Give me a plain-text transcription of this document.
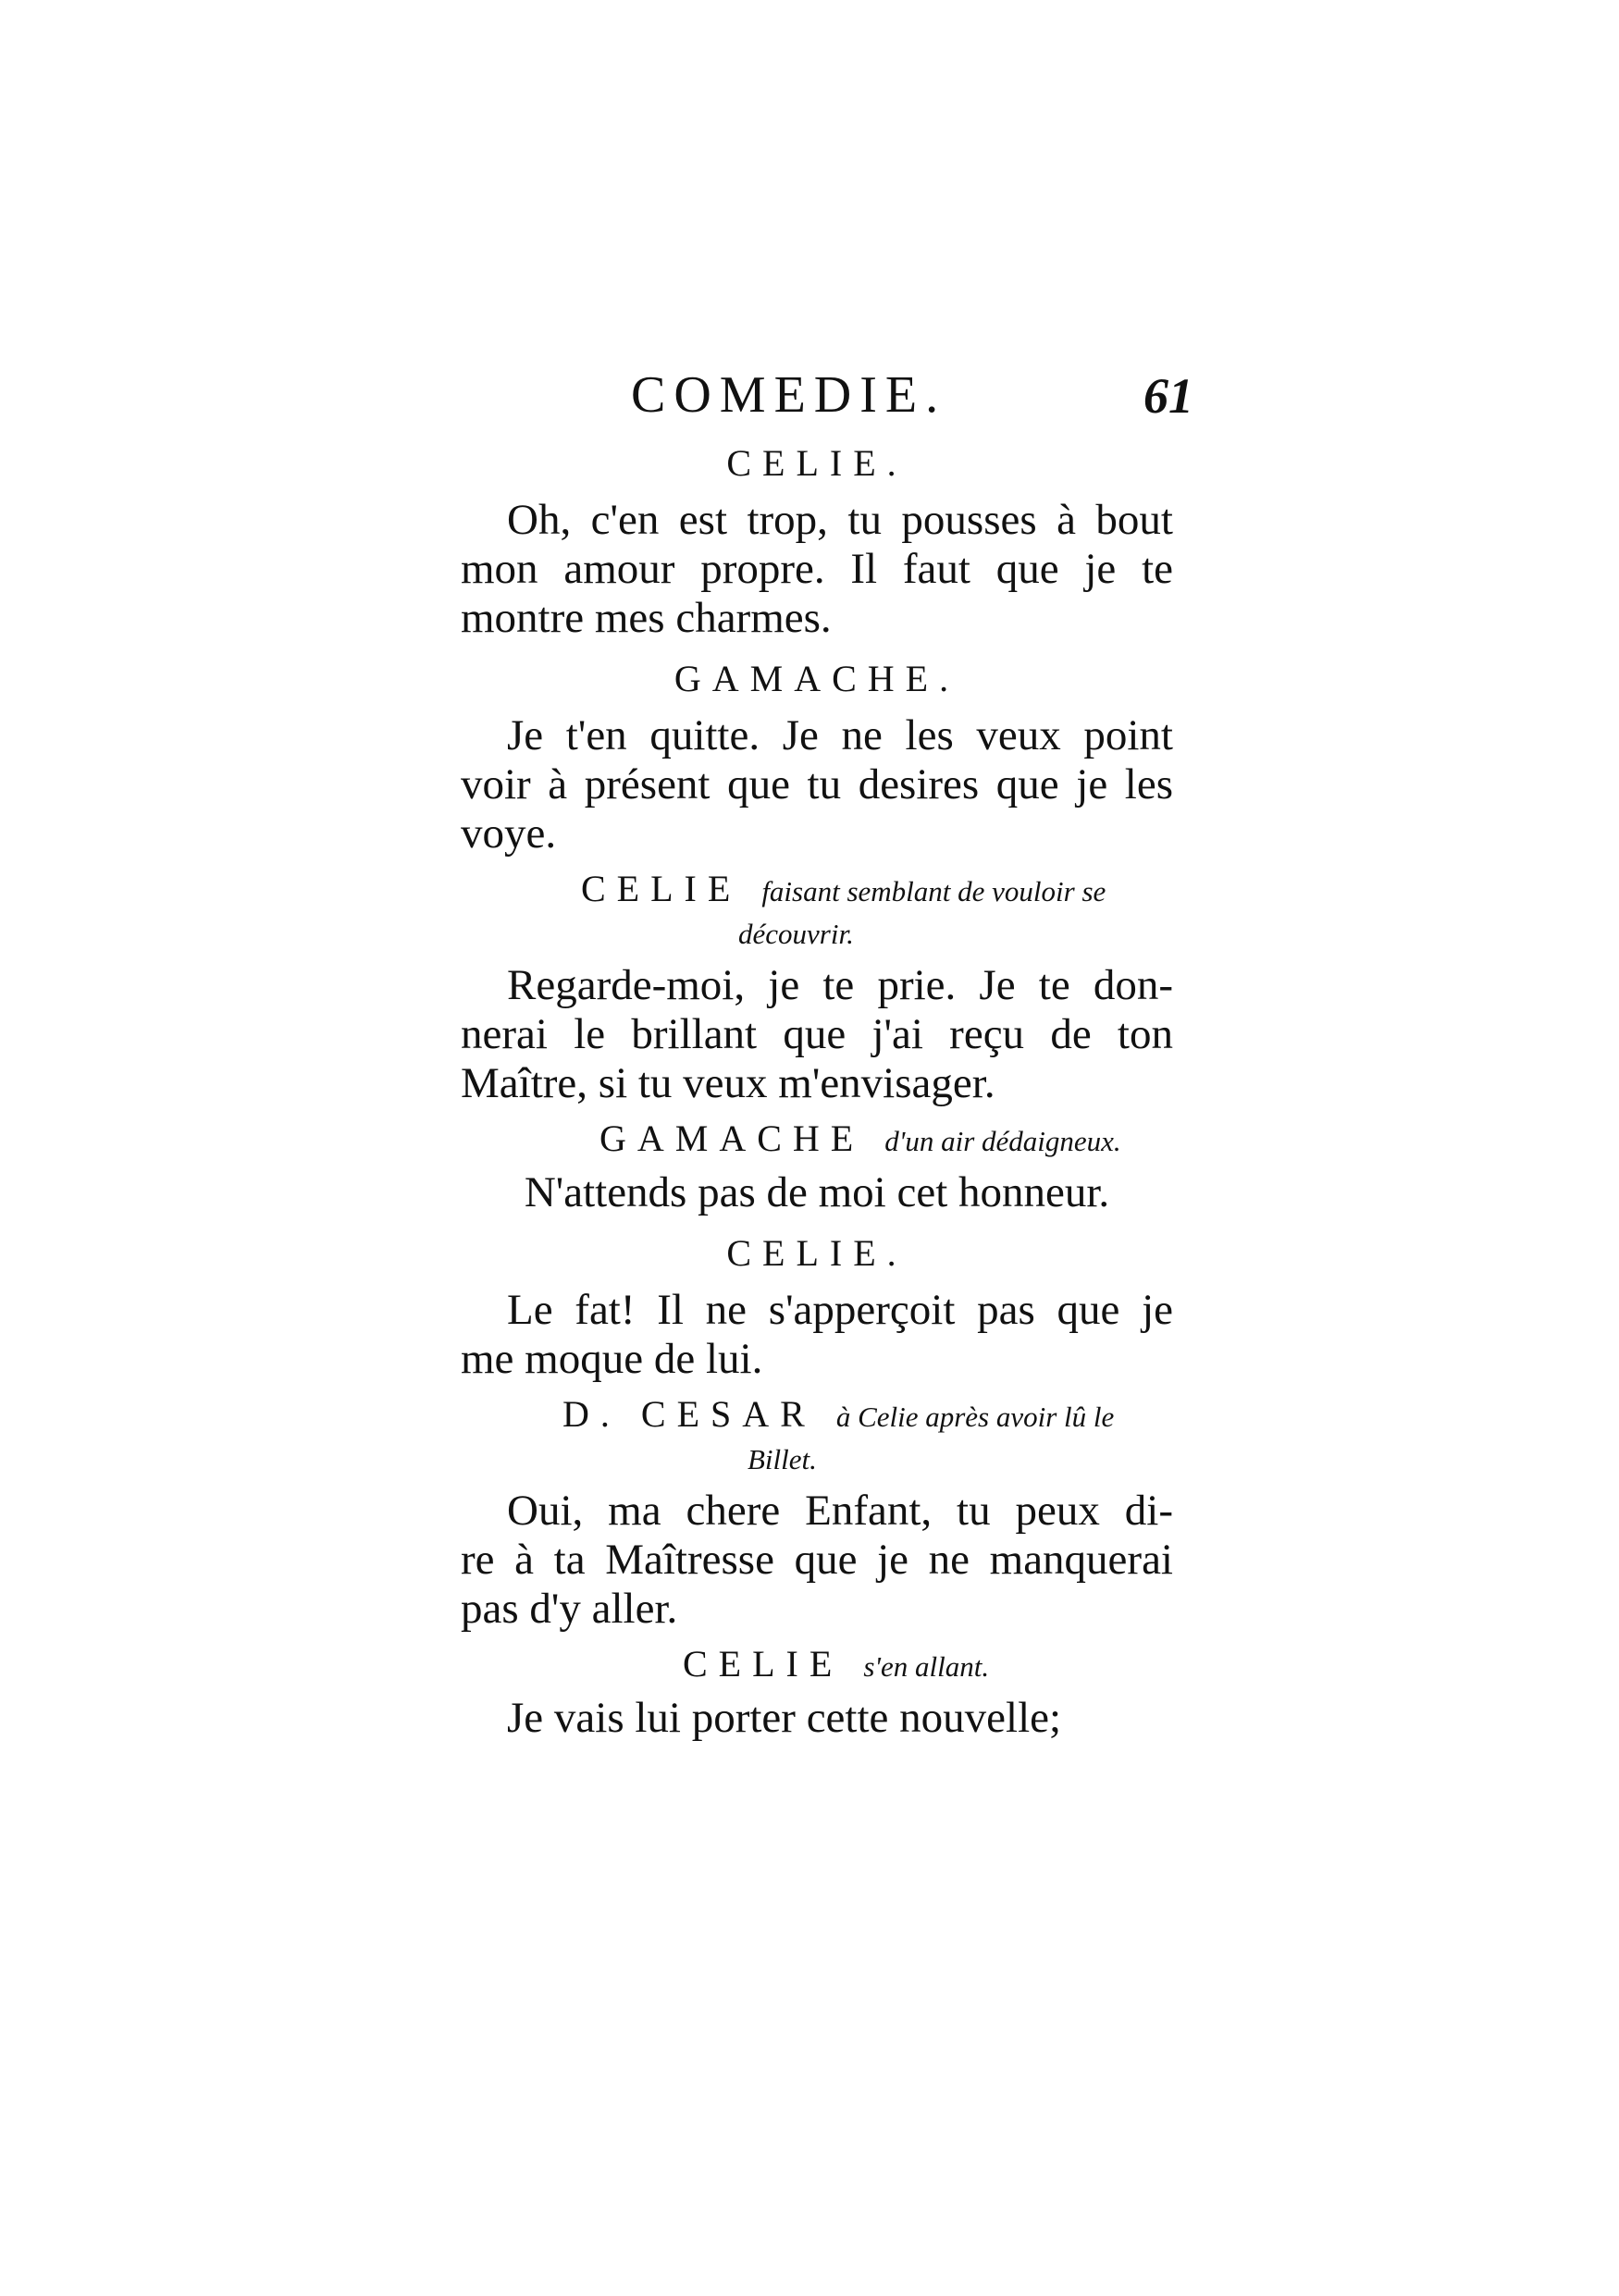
COMEDIE.	61
CELIE.
Oh, c'en est trop, tu pousses à bout
mon amour propre. Il faut que je te
montre mes charmes.
GAMACHE.
Je t'en quitte. Je ne les veux point
voir à présent que tu desires que je les
voye.
CELIE faisant semblant de vouloir se
découvrir.
Regarde-moi, je te prie. Je te don-
nerai le brillant que j'ai reçu de ton
Maître, si tu veux m'envisager.
GAMACHE d'un air dédaigneux.
N'attends pas de moi cet honneur.
CELIE.
Le fat! Il ne s'apperçoit pas que je
me moque de lui.
D. CESAR à Celie après avoir lû le
Billet.
Oui, ma chere Enfant, tu peux di-
re à ta Maîtresse que je ne manquerai
pas d'y aller.
CELIE s'en allant.
Je vais lui porter cette nouvelle;
